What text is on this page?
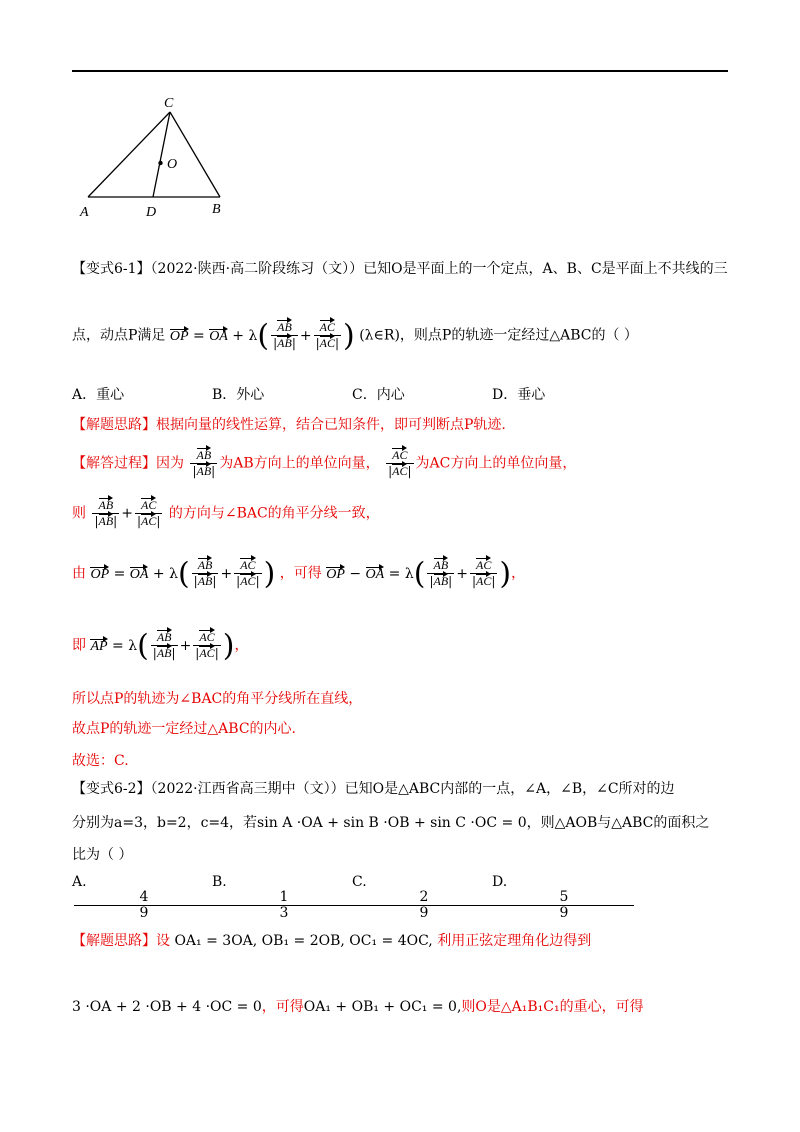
C
O
A	D	B
【变式6-1】（2022·陕西·高二阶段练习（文））已知O是平面上的一个定点，A、B、C是平面上不共线的三
点，动点P满足 OP = OA + $\lambda( \frac{AB}{|AB|} + \frac{AC}{|AC|}$ ) (λ∈R)，则点P的轨迹一定经过△ABC的（ ）
A．重心	B．外心	C．内心	D．垂心
【解题思路】根据向量的线性运算，结合已知条件，即可判断点P轨迹.
【解答过程】因为 $\frac{AB}{|AB|}$ 为AB方向上的单位向量， $\frac{AC}{|AC|}$ 为AC方向上的单位向量，
则 $\frac{AB}{|AB|} + \frac{AC}{|AC|}$ 的方向与∠BAC的角平分线一致，
由 OP = OA + $\lambda( \frac{AB}{|AB|} + \frac{AC}{|AC|}$ ) ，可得 OP − OA = $\lambda( \frac{AB}{|AB|} + \frac{AC}{|AC|}$ )，
即 AP = $\lambda( \frac{AB}{|AB|} + \frac{AC}{|AC|}$ )，
所以点P的轨迹为∠BAC的角平分线所在直线，
故点P的轨迹一定经过△ABC的内心.
故选：C.
【变式6-2】（2022·江西省高三期中（文））已知O是△ABC内部的一点，∠A，∠B，∠C所对的边
分别为a=3，b=2，c=4，若sin A ·OA + sin B ·OB + sin C ·OC = 0，则△AOB与△ABC的面积之
比为（ ）
A.
$\frac{4}{9}$
B.
$\frac{1}{3}$
C.
$\frac{2}{9}$
D.
$\frac{5}{9}$
【解题思路】设 OA₁ = 3OA, OB₁ = 2OB, OC₁ = 4OC, 利用正弦定理角化边得到
3 ·OA + 2 ·OB + 4 ·OC = 0，可得OA₁ + OB₁ + OC₁ = 0,则O是△A₁B₁C₁的重心，可得
